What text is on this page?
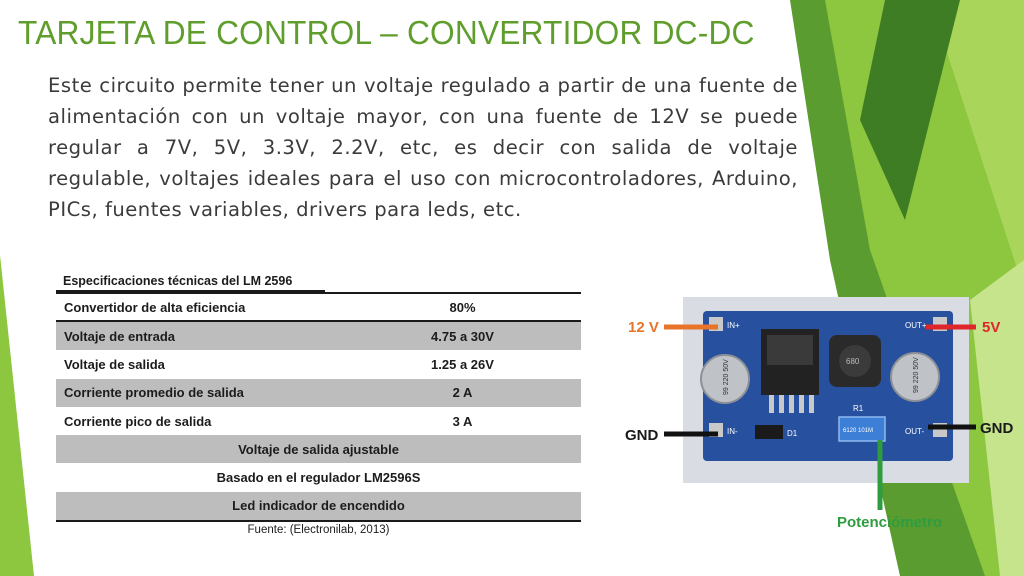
TARJETA DE CONTROL – CONVERTIDOR DC-DC
Este circuito permite tener un voltaje regulado a partir de una fuente de alimentación con un voltaje mayor, con una fuente de 12V se puede regular a 7V, 5V, 3.3V, 2.2V, etc, es decir con salida de voltaje regulable, voltajes ideales para el uso con microcontroladores, Arduino, PICs, fuentes variables, drivers para leds, etc.
Especificaciones técnicas del LM 2596
Convertidor de alta eficiencia	80%
Voltaje de entrada	4.75 a 30V
Voltaje de salida	1.25 a 26V
Corriente promedio de salida	2 A
Corriente pico de salida	3 A
Voltaje de salida ajustable
Basado en el regulador LM2596S
Led indicador de encendido
Fuente: (Electronilab, 2013)
IN+	OUT+
IN-	OUT-
99 220 50V	99 220 50V
680
D1
R1
6120 101M
12 V	5V
GND	GND
Potenciómetro
